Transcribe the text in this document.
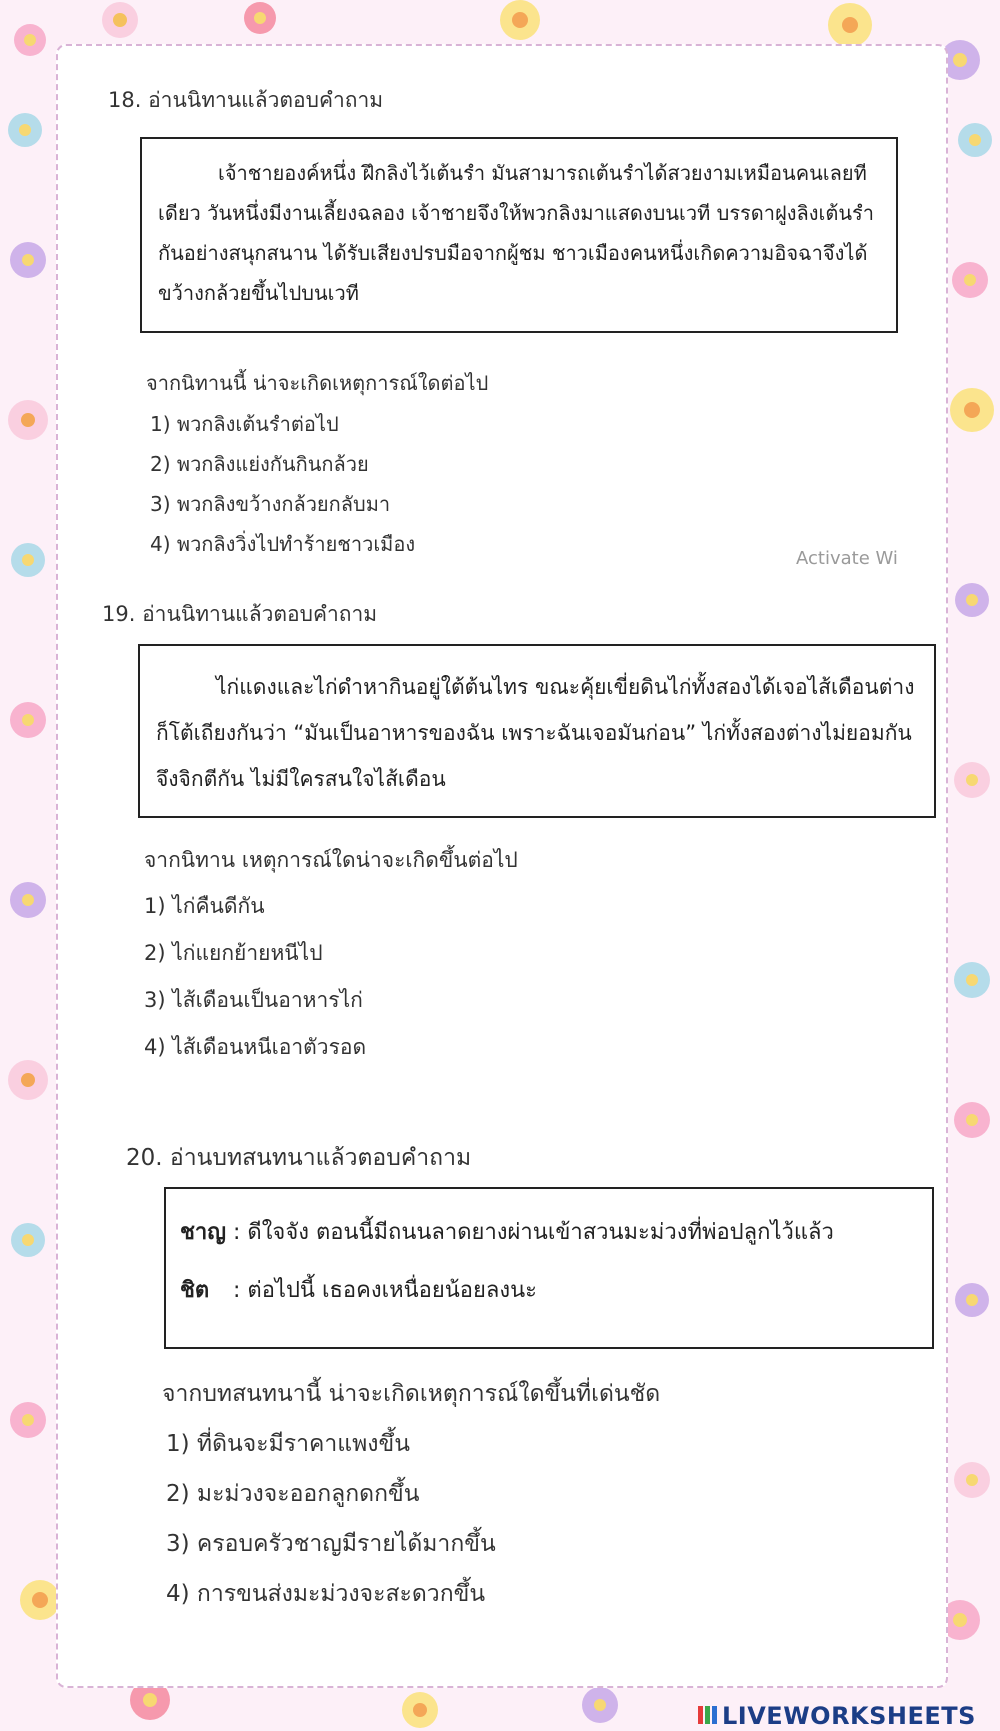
18. อ่านนิทานแล้วตอบคำถาม
เจ้าชายองค์หนึ่ง ฝึกลิงไว้เต้นรำ มันสามารถเต้นรำได้สวยงามเหมือนคนเลยทีเดียว วันหนึ่งมีงานเลี้ยงฉลอง เจ้าชายจึงให้พวกลิงมาแสดงบนเวที บรรดาฝูงลิงเต้นรำกันอย่างสนุกสนาน ได้รับเสียงปรบมือจากผู้ชม ชาวเมืองคนหนึ่งเกิดความอิจฉาจึงได้ขว้างกล้วยขึ้นไปบนเวที
จากนิทานนี้ น่าจะเกิดเหตุการณ์ใดต่อไป
1) พวกลิงเต้นรำต่อไป
2) พวกลิงแย่งกันกินกล้วย
3) พวกลิงขว้างกล้วยกลับมา
4) พวกลิงวิ่งไปทำร้ายชาวเมือง
Activate Wi
19. อ่านนิทานแล้วตอบคำถาม
ไก่แดงและไก่ดำหากินอยู่ใต้ต้นไทร ขณะคุ้ยเขี่ยดินไก่ทั้งสองได้เจอไส้เดือนต่างก็โต้เถียงกันว่า “มันเป็นอาหารของฉัน เพราะฉันเจอมันก่อน” ไก่ทั้งสองต่างไม่ยอมกันจึงจิกตีกัน ไม่มีใครสนใจไส้เดือน
จากนิทาน เหตุการณ์ใดน่าจะเกิดขึ้นต่อไป
1) ไก่คืนดีกัน
2) ไก่แยกย้ายหนีไป
3) ไส้เดือนเป็นอาหารไก่
4) ไส้เดือนหนีเอาตัวรอด
20. อ่านบทสนทนาแล้วตอบคำถาม
ชาญ : ดีใจจัง ตอนนี้มีถนนลาดยางผ่านเข้าสวนมะม่วงที่พ่อปลูกไว้แล้ว
ชิต : ต่อไปนี้ เธอคงเหนื่อยน้อยลงนะ
จากบทสนทนานี้ น่าจะเกิดเหตุการณ์ใดขึ้นที่เด่นชัด
1) ที่ดินจะมีราคาแพงขึ้น
2) มะม่วงจะออกลูกดกขึ้น
3) ครอบครัวชาญมีรายได้มากขึ้น
4) การขนส่งมะม่วงจะสะดวกขึ้น
LIVEWORKSHEETS
